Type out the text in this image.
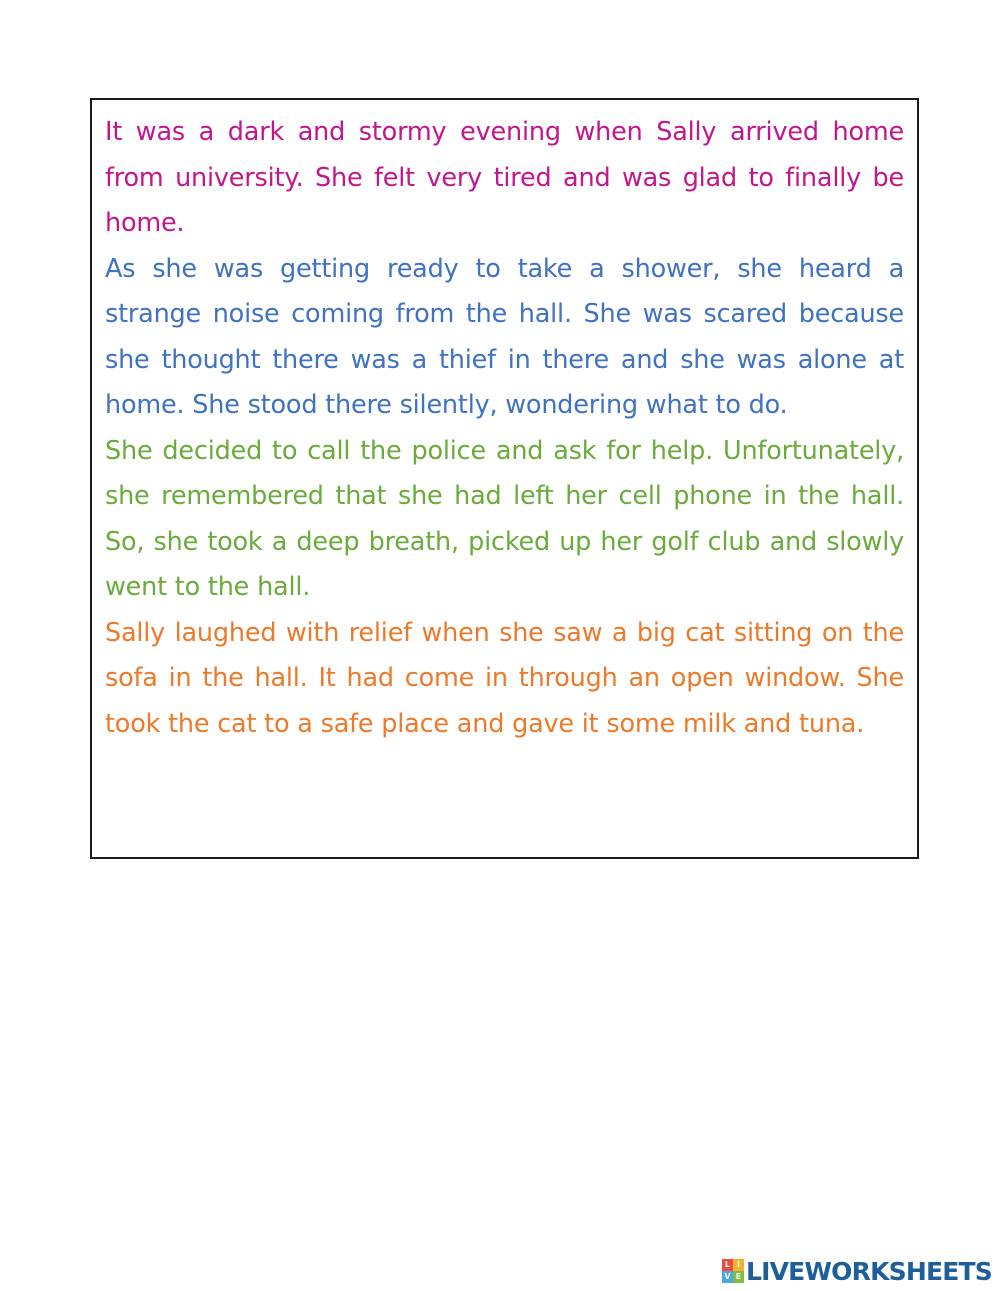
It was a dark and stormy evening when Sally arrived home from university. She felt very tired and was glad to finally be home.

As she was getting ready to take a shower, she heard a strange noise coming from the hall. She was scared because she thought there was a thief in there and she was alone at home. She stood there silently, wondering what to do.

She decided to call the police and ask for help. Unfortunately, she remembered that she had left her cell phone in the hall. So, she took a deep breath, picked up her golf club and slowly went to the hall.

Sally laughed with relief when she saw a big cat sitting on the sofa in the hall. It had come in through an open window. She took the cat to a safe place and gave it some milk and tuna.

L I
V E LIVEWORKSHEETS
